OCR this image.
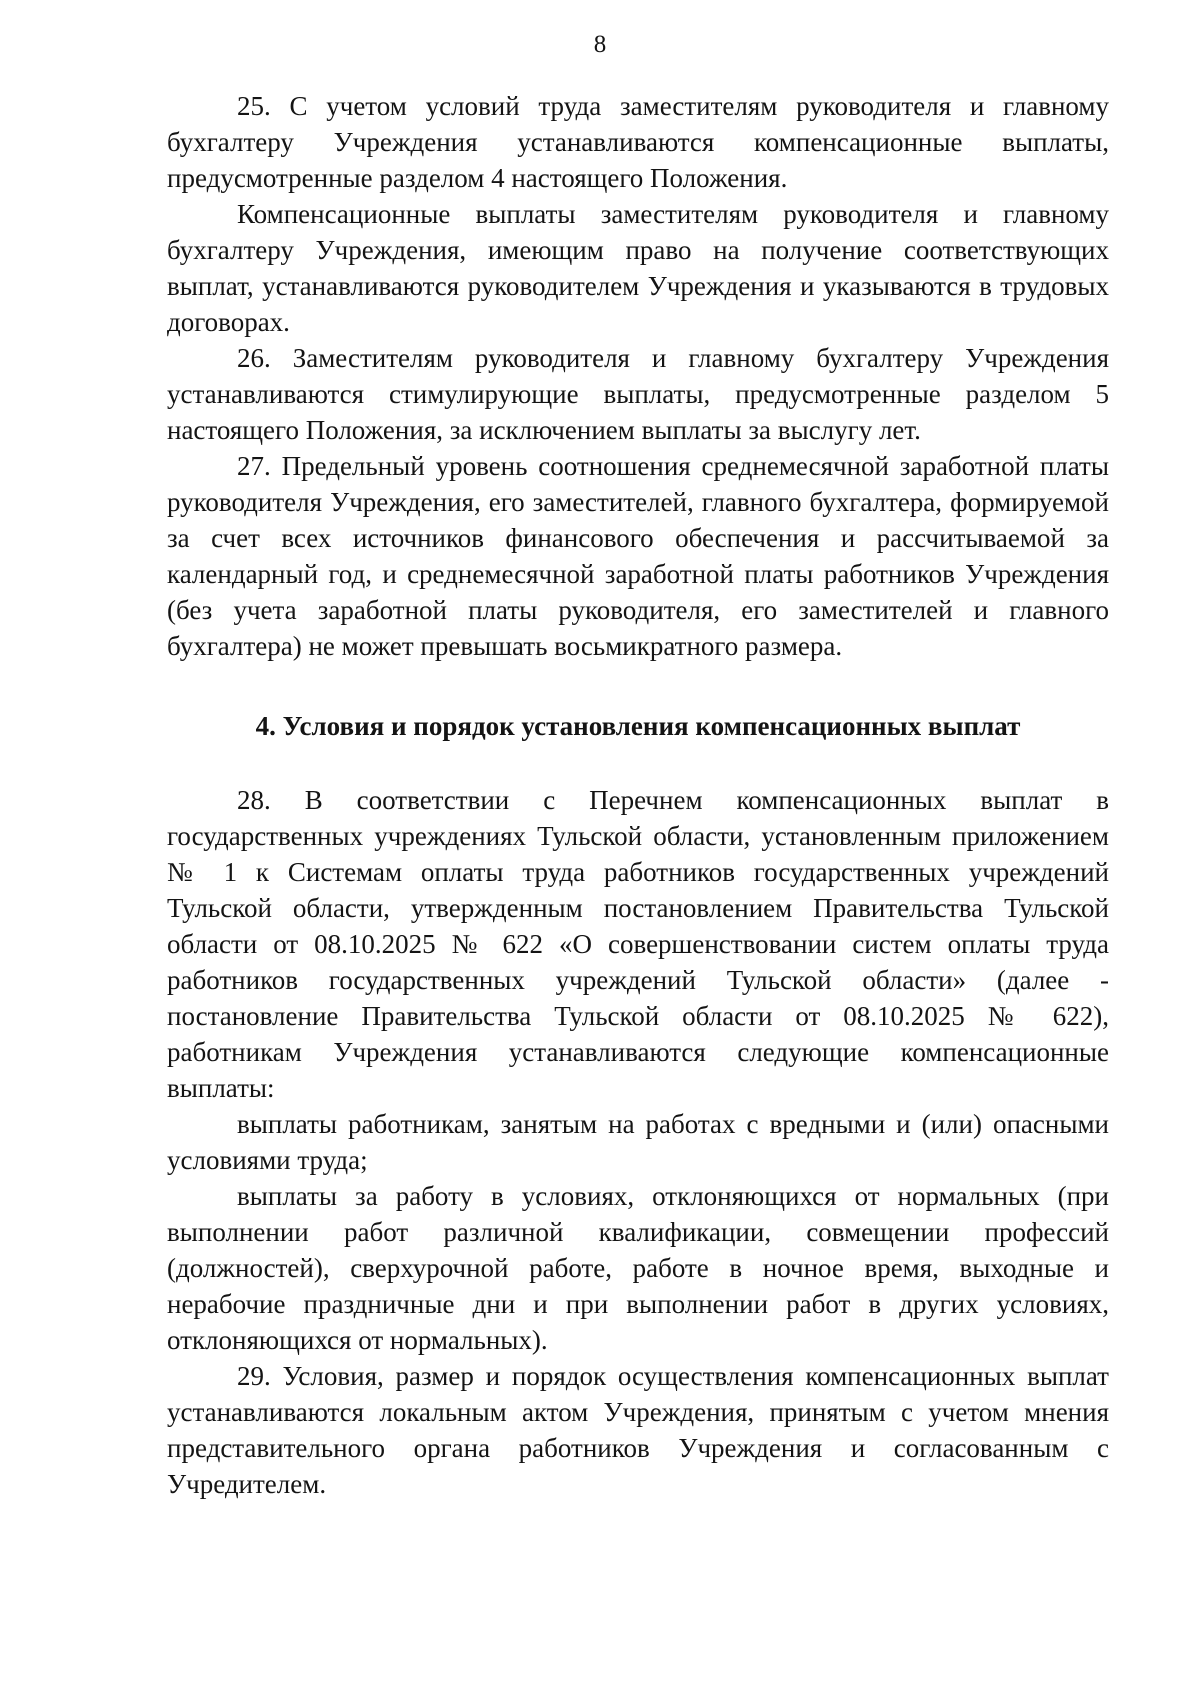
8

25. С учетом условий труда заместителям руководителя и главному бухгалтеру Учреждения устанавливаются компенсационные выплаты, предусмотренные разделом 4 настоящего Положения.

Компенсационные выплаты заместителям руководителя и главному бухгалтеру Учреждения, имеющим право на получение соответствующих выплат, устанавливаются руководителем Учреждения и указываются в трудовых договорах.

26. Заместителям руководителя и главному бухгалтеру Учреждения устанавливаются стимулирующие выплаты, предусмотренные разделом 5 настоящего Положения, за исключением выплаты за выслугу лет.

27. Предельный уровень соотношения среднемесячной заработной платы руководителя Учреждения, его заместителей, главного бухгалтера, формируемой за счет всех источников финансового обеспечения и рассчитываемой за календарный год, и среднемесячной заработной платы работников Учреждения (без учета заработной платы руководителя, его заместителей и главного бухгалтера) не может превышать восьмикратного размера.

4. Условия и порядок установления компенсационных выплат

28. В соответствии с Перечнем компенсационных выплат в государственных учреждениях Тульской области, установленным приложением № 1 к Системам оплаты труда работников государственных учреждений Тульской области, утвержденным постановлением Правительства Тульской области от 08.10.2025 № 622 «О совершенствовании систем оплаты труда работников государственных учреждений Тульской области» (далее - постановление Правительства Тульской области от 08.10.2025 № 622), работникам Учреждения устанавливаются следующие компенсационные выплаты:

выплаты работникам, занятым на работах с вредными и (или) опасными условиями труда;

выплаты за работу в условиях, отклоняющихся от нормальных (при выполнении работ различной квалификации, совмещении профессий (должностей), сверхурочной работе, работе в ночное время, выходные и нерабочие праздничные дни и при выполнении работ в других условиях, отклоняющихся от нормальных).

29. Условия, размер и порядок осуществления компенсационных выплат устанавливаются локальным актом Учреждения, принятым с учетом мнения представительного органа работников Учреждения и согласованным с Учредителем.
